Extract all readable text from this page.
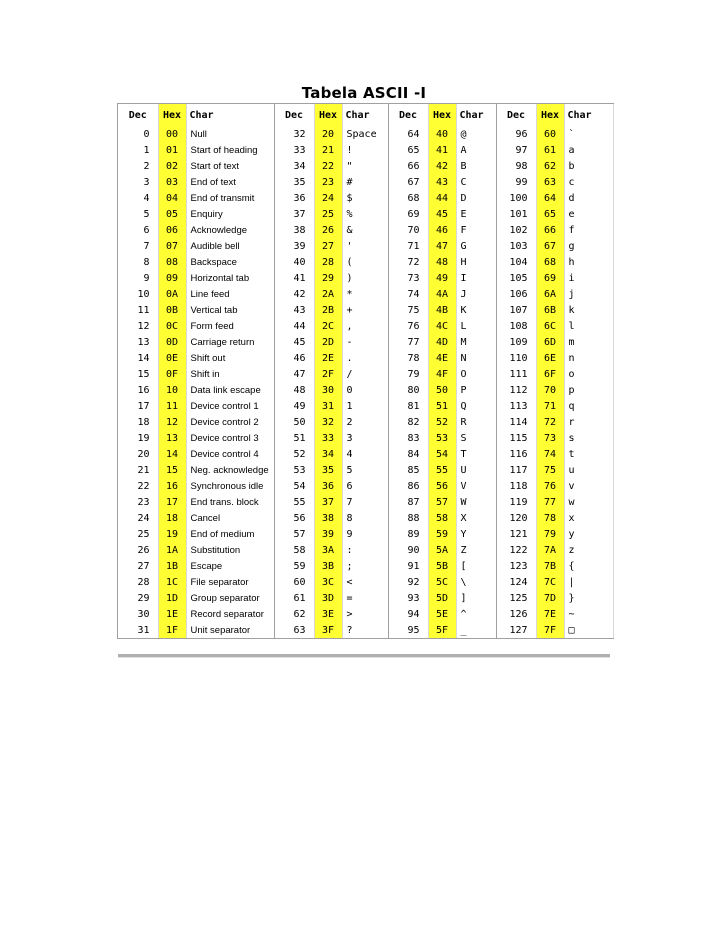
Tabela ASCII -I
Dec	Hex	Char	Dec	Hex	Char	Dec	Hex	Char	Dec	Hex	Char
0	00	Null	32	20	Space	64	40	@	96	60	`
1	01	Start of heading	33	21	!	65	41	A	97	61	a
2	02	Start of text	34	22	"	66	42	B	98	62	b
3	03	End of text	35	23	#	67	43	C	99	63	c
4	04	End of transmit	36	24	$	68	44	D	100	64	d
5	05	Enquiry	37	25	%	69	45	E	101	65	e
6	06	Acknowledge	38	26	&	70	46	F	102	66	f
7	07	Audible bell	39	27	'	71	47	G	103	67	g
8	08	Backspace	40	28	(	72	48	H	104	68	h
9	09	Horizontal tab	41	29	)	73	49	I	105	69	i
10	0A	Line feed	42	2A	*	74	4A	J	106	6A	j
11	0B	Vertical tab	43	2B	+	75	4B	K	107	6B	k
12	0C	Form feed	44	2C	,	76	4C	L	108	6C	l
13	0D	Carriage return	45	2D	-	77	4D	M	109	6D	m
14	0E	Shift out	46	2E	.	78	4E	N	110	6E	n
15	0F	Shift in	47	2F	/	79	4F	O	111	6F	o
16	10	Data link escape	48	30	0	80	50	P	112	70	p
17	11	Device control 1	49	31	1	81	51	Q	113	71	q
18	12	Device control 2	50	32	2	82	52	R	114	72	r
19	13	Device control 3	51	33	3	83	53	S	115	73	s
20	14	Device control 4	52	34	4	84	54	T	116	74	t
21	15	Neg. acknowledge	53	35	5	85	55	U	117	75	u
22	16	Synchronous idle	54	36	6	86	56	V	118	76	v
23	17	End trans. block	55	37	7	87	57	W	119	77	w
24	18	Cancel	56	38	8	88	58	X	120	78	x
25	19	End of medium	57	39	9	89	59	Y	121	79	y
26	1A	Substitution	58	3A	:	90	5A	Z	122	7A	z
27	1B	Escape	59	3B	;	91	5B	[	123	7B	{
28	1C	File separator	60	3C	<	92	5C	\	124	7C	|
29	1D	Group separator	61	3D	=	93	5D	]	125	7D	}
30	1E	Record separator	62	3E	>	94	5E	^	126	7E	~
31	1F	Unit separator	63	3F	?	95	5F	_	127	7F	□
